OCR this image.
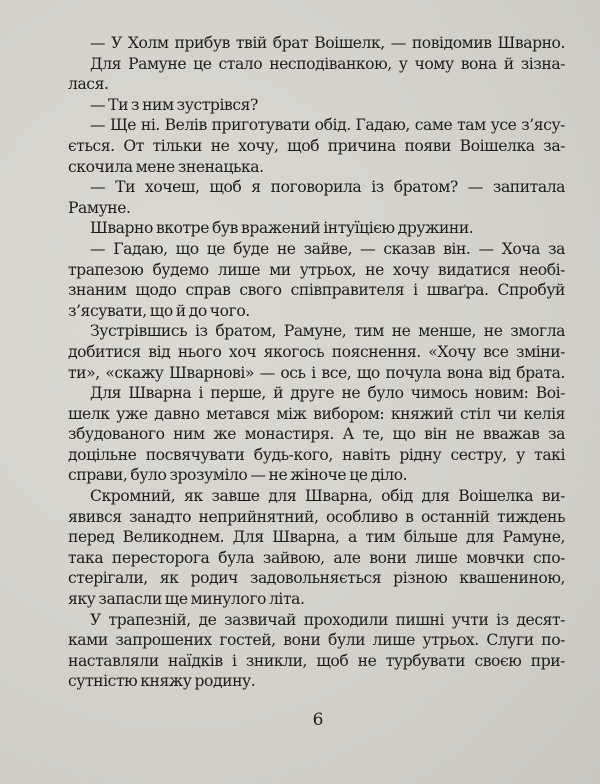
— У Холм прибув твій брат Воішелк, — повідомив Шварно.
Для Рамуне це стало несподіванкою, у чому вона й зізна-
лася.
— Ти з ним зустрівся?
— Ще ні. Велів приготувати обід. Гадаю, саме там усе з’ясу-
ється. От тільки не хочу, щоб причина появи Воішелка за-
скочила мене зненацька.
— Ти хочеш, щоб я поговорила із братом? — запитала
Рамуне.
Шварно вкотре був вражений інтуїцією дружини.
— Гадаю, що це буде не зайве, — сказав він. — Хоча за
трапезою будемо лише ми утрьох, не хочу видатися необі-
знаним щодо справ свого співправителя і шваґра. Спробуй
з’ясувати, що й до чого.
Зустрівшись із братом, Рамуне, тим не менше, не змогла
добитися від нього хоч якогось пояснення. «Хочу все зміни-
ти», «скажу Шварнові» — ось і все, що почула вона від брата.
Для Шварна і перше, й друге не було чимось новим: Воі-
шелк уже давно метався між вибором: княжий стіл чи келія
збудованого ним же монастиря. А те, що він не вважав за
доцільне посвячувати будь-кого, навіть рідну сестру, у такі
справи, було зрозуміло — не жіноче це діло.
Скромний, як завше для Шварна, обід для Воішелка ви-
явився занадто неприйнятний, особливо в останній тиждень
перед Великоднем. Для Шварна, а тим більше для Рамуне,
така пересторога була зайвою, але вони лише мовчки спо-
стерігали, як родич задовольняється різною квашениною,
яку запасли ще минулого літа.
У трапезній, де зазвичай проходили пишні учти із десят-
ками запрошених гостей, вони були лише утрьох. Слуги по-
наставляли наїдків і зникли, щоб не турбувати своєю при-
сутністю княжу родину.
6
